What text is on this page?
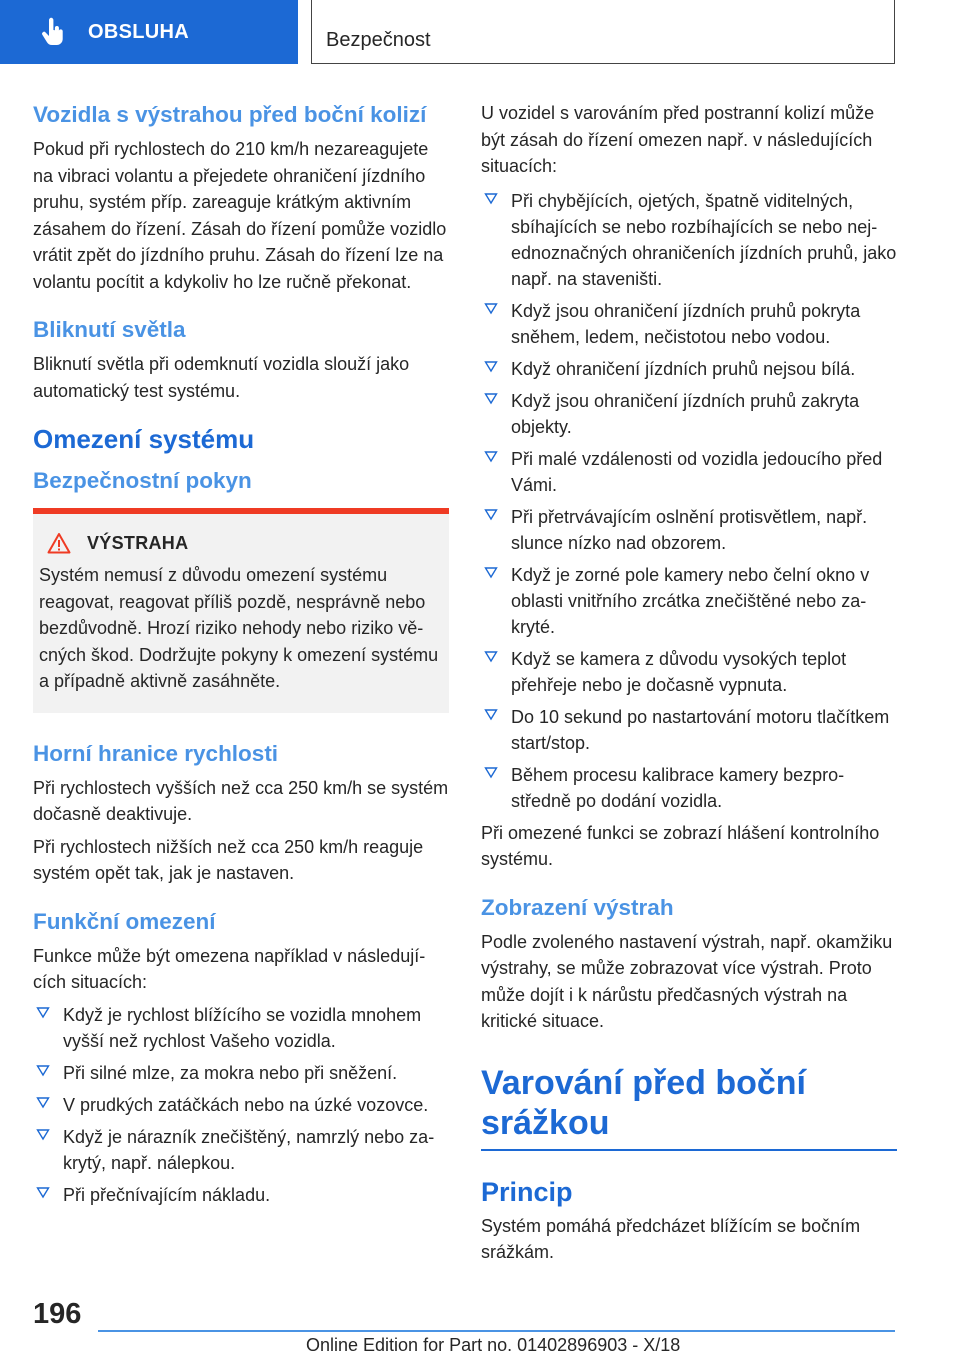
OBSLUHA	Bezpečnost
Vozidla s výstrahou před boční kolizí

Pokud při rychlostech do 210 km/h nezareagujete na vibraci volantu a přejedete ohraničení jízdního pruhu, systém příp. zareaguje krátkým aktivním zásahem do řízení. Zásah do řízení pomůže vozidlo vrátit zpět do jízdního pruhu. Zásah do řízení lze na volantu pocítit a kdykoliv ho lze ručně překonat.

Bliknutí světla

Bliknutí světla při odemknutí vozidla slouží jako automatický test systému.

Omezení systému
Bezpečnostní pokyn
VÝSTRAHA

Systém nemusí z důvodu omezení systému reagovat, reagovat příliš pozdě, nesprávně nebo bezdůvodně. Hrozí riziko nehody nebo riziko věcných škod. Dodržujte pokyny k omezení systému a případně aktivně zasáhněte.

Horní hranice rychlosti

Při rychlostech vyšších než cca 250 km/h se systém dočasně deaktivuje.

Při rychlostech nižších než cca 250 km/h reaguje systém opět tak, jak je nastaven.

Funkční omezení

Funkce může být omezena například v následujících situacích:

Když je rychlost blížícího se vozidla mnohem vyšší než rychlost Vašeho vozidla.
Při silné mlze, za mokra nebo při sněžení.
V prudkých zatáčkách nebo na úzké vozovce.
Když je nárazník znečištěný, namrzlý nebo zakrytý, např. nálepkou.
Při přečnívajícím nákladu.

U vozidel s varováním před postranní kolizí může být zásah do řízení omezen např. v následujících situacích:

Při chybějících, ojetých, špatně viditelných, sbíhajících se nebo rozbíhajících se nebo nejednoznačných ohraničeních jízdních pruhů, jako např. na staveništi.
Když jsou ohraničení jízdních pruhů pokryta sněhem, ledem, nečistotou nebo vodou.
Když ohraničení jízdních pruhů nejsou bílá.
Když jsou ohraničení jízdních pruhů zakryta objekty.
Při malé vzdálenosti od vozidla jedoucího před Vámi.
Při přetrvávajícím oslnění protisvětlem, např. slunce nízko nad obzorem.
Když je zorné pole kamery nebo čelní okno v oblasti vnitřního zrcátka znečištěné nebo zakryté.
Když se kamera z důvodu vysokých teplot přehřeje nebo je dočasně vypnuta.
Do 10 sekund po nastartování motoru tlačítkem start/stop.
Během procesu kalibrace kamery bezprostředně po dodání vozidla.

Při omezené funkci se zobrazí hlášení kontrolního systému.

Zobrazení výstrah

Podle zvoleného nastavení výstrah, např. okamžiku výstrahy, se může zobrazovat více výstrah. Proto může dojít i k nárůstu předčasných výstrah na kritické situace.

Varování před boční srážkou
Princip

Systém pomáhá předcházet blížícím se bočním srážkám.

196
Online Edition for Part no. 01402896903 - X/18
